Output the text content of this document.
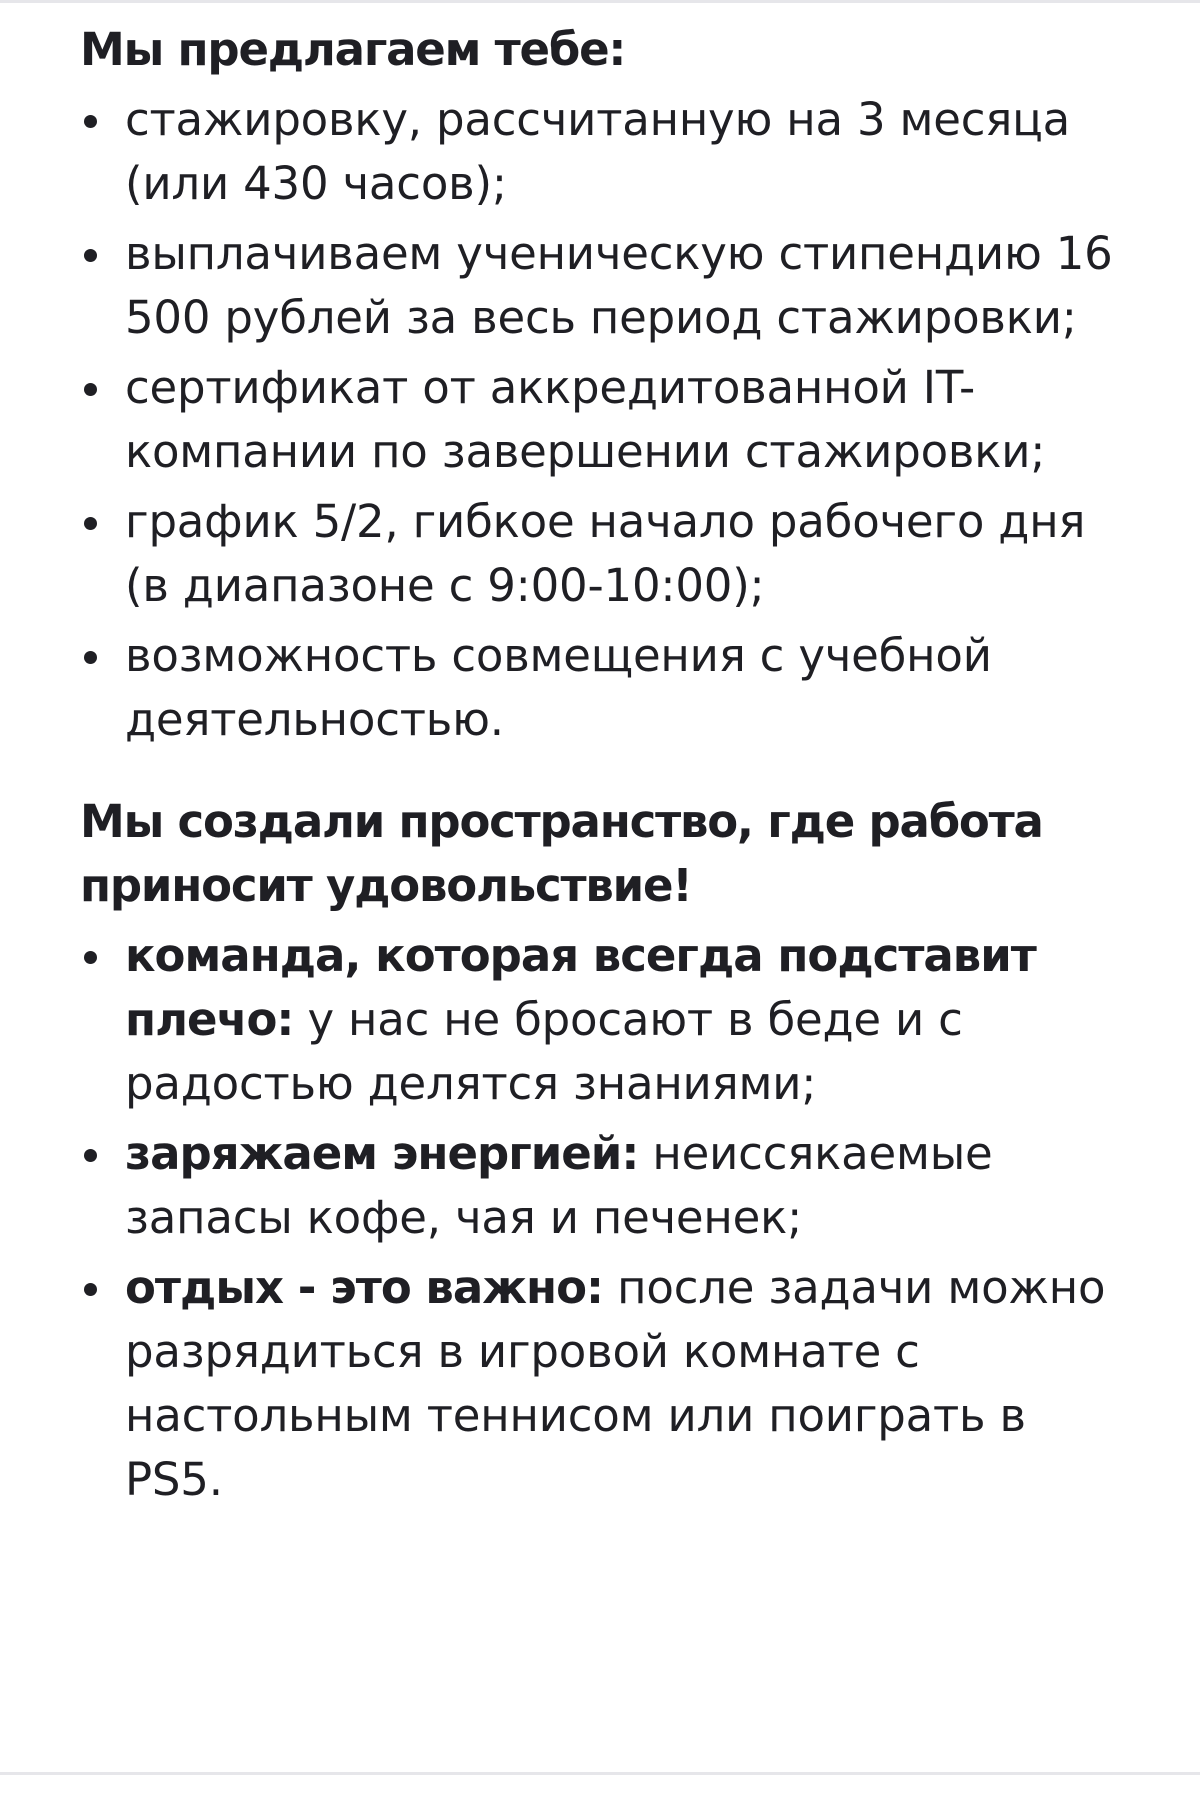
Мы предлагаем тебе:
стажировку, рассчитанную на 3 месяца (или 430 часов);
выплачиваем ученическую стипендию 16 500 рублей за весь период стажировки;
сертификат от аккредитованной IT-компании по завершении стажировки;
график 5/2, гибкое начало рабочего дня (в диапазоне с 9:00-10:00);
возможность совмещения с учебной деятельностью.
Мы создали пространство, где работа приносит удовольствие!
команда, которая всегда подставит плечо: у нас не бросают в беде и с радостью делятся знаниями;
заряжаем энергией: неиссякаемые запасы кофе, чая и печенек;
отдых - это важно: после задачи можно разрядиться в игровой комнате с настольным теннисом или поиграть в PS5.
